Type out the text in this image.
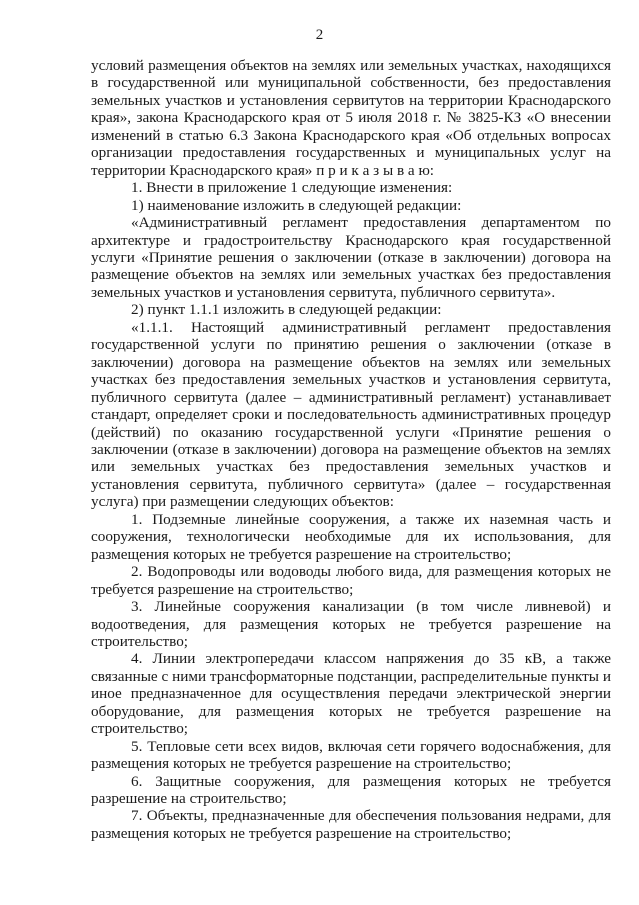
2

условий размещения объектов на землях или земельных участках, находящихся в государственной или муниципальной собственности, без предоставления земельных участков и установления сервитутов на территории Краснодарского края», закона Краснодарского края от 5 июля 2018 г. № 3825-КЗ «О внесении изменений в статью 6.3 Закона Краснодарского края «Об отдельных вопросах организации предоставления государственных и муниципальных услуг на территории Краснодарского края» п р и к а з ы в а ю:

1. Внести в приложение 1 следующие изменения:

1) наименование изложить в следующей редакции:

«Административный регламент предоставления департаментом по архитектуре и градостроительству Краснодарского края государственной услуги «Принятие решения о заключении (отказе в заключении) договора на размещение объектов на землях или земельных участках без предоставления земельных участков и установления сервитута, публичного сервитута».

2) пункт 1.1.1 изложить в следующей редакции:

«1.1.1. Настоящий административный регламент предоставления государственной услуги по принятию решения о заключении (отказе в заключении) договора на размещение объектов на землях или земельных участках без предоставления земельных участков и установления сервитута, публичного сервитута (далее – административный регламент) устанавливает стандарт, определяет сроки и последовательность административных процедур (действий) по оказанию государственной услуги «Принятие решения о заключении (отказе в заключении) договора на размещение объектов на землях или земельных участках без предоставления земельных участков и установления сервитута, публичного сервитута» (далее – государственная услуга) при размещении следующих объектов:

1. Подземные линейные сооружения, а также их наземная часть и сооружения, технологически необходимые для их использования, для размещения которых не требуется разрешение на строительство;

2. Водопроводы или водоводы любого вида, для размещения которых не требуется разрешение на строительство;

3. Линейные сооружения канализации (в том числе ливневой) и водоотведения, для размещения которых не требуется разрешение на строительство;

4. Линии электропередачи классом напряжения до 35 кВ, а также связанные с ними трансформаторные подстанции, распределительные пункты и иное предназначенное для осуществления передачи электрической энергии оборудование, для размещения которых не требуется разрешение на строительство;

5. Тепловые сети всех видов, включая сети горячего водоснабжения, для размещения которых не требуется разрешение на строительство;

6. Защитные сооружения, для размещения которых не требуется разрешение на строительство;

7. Объекты, предназначенные для обеспечения пользования недрами, для размещения которых не требуется разрешение на строительство;
